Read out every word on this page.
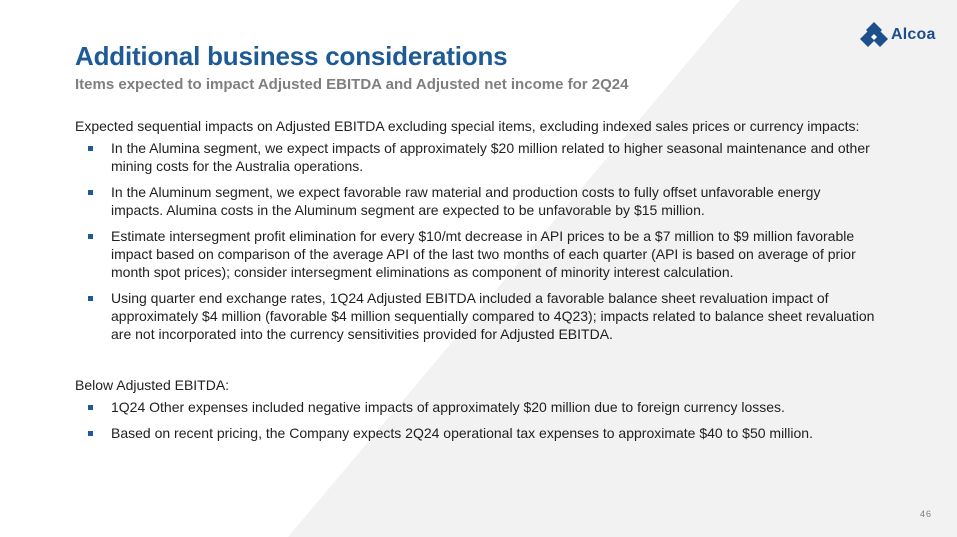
Alcoa
Additional business considerations
Items expected to impact Adjusted EBITDA and Adjusted net income for 2Q24

Expected sequential impacts on Adjusted EBITDA excluding special items, excluding indexed sales prices or currency impacts:

In the Alumina segment, we expect impacts of approximately $20 million related to higher seasonal maintenance and other mining costs for the Australia operations.
In the Aluminum segment, we expect favorable raw material and production costs to fully offset unfavorable energy impacts. Alumina costs in the Aluminum segment are expected to be unfavorable by $15 million.
Estimate intersegment profit elimination for every $10/mt decrease in API prices to be a $7 million to $9 million favorable impact based on comparison of the average API of the last two months of each quarter (API is based on average of prior month spot prices); consider intersegment eliminations as component of minority interest calculation.
Using quarter end exchange rates, 1Q24 Adjusted EBITDA included a favorable balance sheet revaluation impact of approximately $4 million (favorable $4 million sequentially compared to 4Q23); impacts related to balance sheet revaluation are not incorporated into the currency sensitivities provided for Adjusted EBITDA.

Below Adjusted EBITDA:

1Q24 Other expenses included negative impacts of approximately $20 million due to foreign currency losses.
Based on recent pricing, the Company expects 2Q24 operational tax expenses to approximate $40 to $50 million.
46
